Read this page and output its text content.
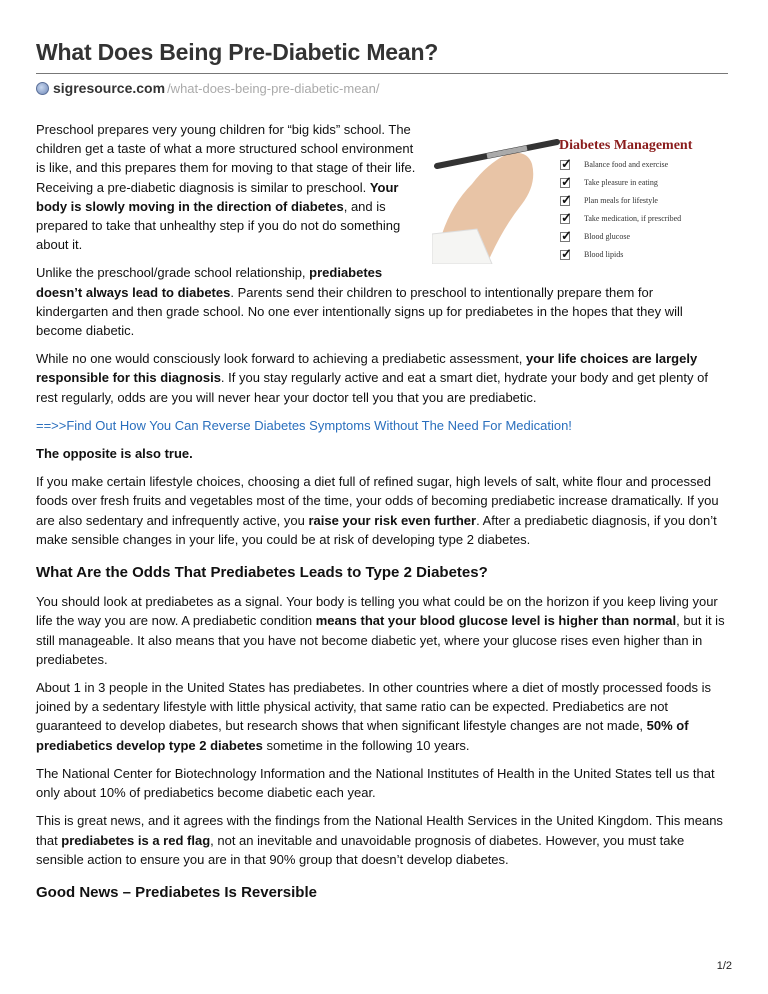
What Does Being Pre-Diabetic Mean?
sigresource.com /what-does-being-pre-diabetic-mean/
Diabetes Management
✓
Balance food and exercise
✓
Take pleasure in eating
✓
Plan meals for lifestyle
✓
Take medication, if prescribed
✓
Blood glucose
✓
Blood lipids

Preschool prepares very young children for “big kids” school. The children get a taste of what a more structured school environment is like, and this prepares them for moving to that stage of their life. Receiving a pre-diabetic diagnosis is similar to preschool. Your body is slowly moving in the direction of diabetes, and is prepared to take that unhealthy step if you do not do something about it.

Unlike the preschool/grade school relationship, prediabetes doesn’t always lead to diabetes. Parents send their children to preschool to intentionally prepare them for kindergarten and then grade school. No one ever intentionally signs up for prediabetes in the hopes that they will become diabetic.

While no one would consciously look forward to achieving a prediabetic assessment, your life choices are largely responsible for this diagnosis. If you stay regularly active and eat a smart diet, hydrate your body and get plenty of rest regularly, odds are you will never hear your doctor tell you that you are prediabetic.

==>>Find Out How You Can Reverse Diabetes Symptoms Without The Need For Medication!

The opposite is also true.

If you make certain lifestyle choices, choosing a diet full of refined sugar, high levels of salt, white flour and processed foods over fresh fruits and vegetables most of the time, your odds of becoming prediabetic increase dramatically. If you are also sedentary and infrequently active, you raise your risk even further. After a prediabetic diagnosis, if you don’t make sensible changes in your life, you could be at risk of developing type 2 diabetes.

What Are the Odds That Prediabetes Leads to Type 2 Diabetes?

You should look at prediabetes as a signal. Your body is telling you what could be on the horizon if you keep living your life the way you are now. A prediabetic condition means that your blood glucose level is higher than normal, but it is still manageable. It also means that you have not become diabetic yet, where your glucose rises even higher than in prediabetes.

About 1 in 3 people in the United States has prediabetes. In other countries where a diet of mostly processed foods is joined by a sedentary lifestyle with little physical activity, that same ratio can be expected. Prediabetics are not guaranteed to develop diabetes, but research shows that when significant lifestyle changes are not made, 50% of prediabetics develop type 2 diabetes sometime in the following 10 years.

The National Center for Biotechnology Information and the National Institutes of Health in the United States tell us that only about 10% of prediabetics become diabetic each year.

This is great news, and it agrees with the findings from the National Health Services in the United Kingdom. This means that prediabetes is a red flag, not an inevitable and unavoidable prognosis of diabetes. However, you must take sensible action to ensure you are in that 90% group that doesn’t develop diabetes.

Good News – Prediabetes Is Reversible
1/2
